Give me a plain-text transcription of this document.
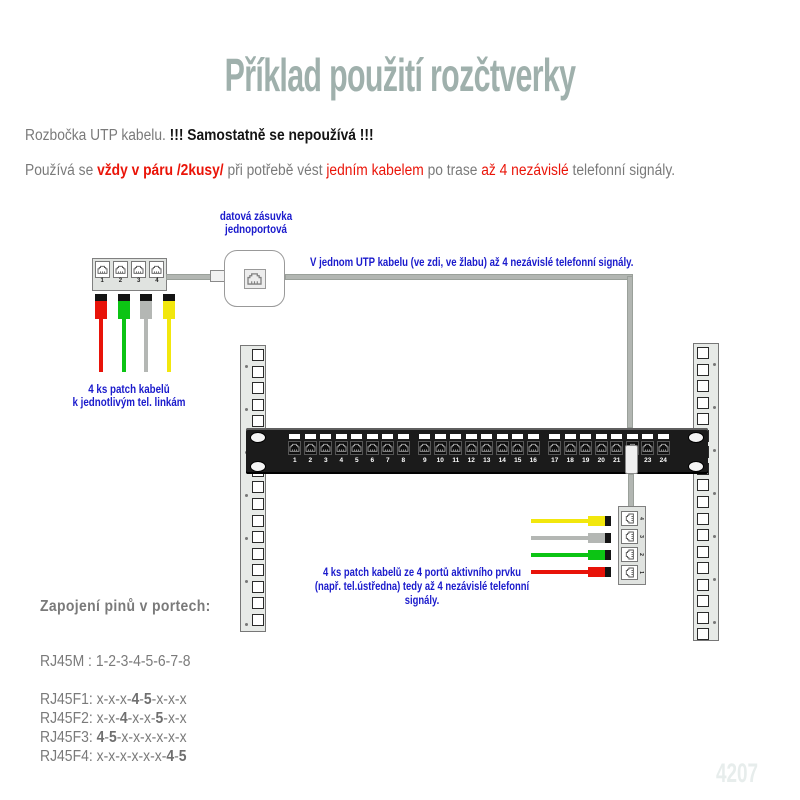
Příklad použití rozčtverky
Rozbočka UTP kabelu. !!! Samostatně se nepoužívá !!!
Používá se vždy v páru /2kusy/ při potřebě vést jedním kabelem po trase až 4 nezávislé telefonní signály.
1 2 3 4
datová zásuvka
jednoportová
V jednom UTP kabelu (ve zdi, ve žlabu) až 4 nezávislé telefonní signály.
4 ks patch kabelů
k jednotlivým tel. linkám
1 2 3 4 5 6 7 8	9 10 11 12 13 14 15 16 17 18 19 20 21	23 24
4
3
2
1
4 ks patch kabelů ze 4 portů aktivního prvku
(např. tel.ústředna) tedy až 4 nezávislé telefonní signály.
Zapojení pinů v portech:
RJ45M : 1-2-3-4-5-6-7-8
RJ45F1: x-x-x-4-5-x-x-x
RJ45F2: x-x-4-x-x-5-x-x
RJ45F3: 4-5-x-x-x-x-x-x
RJ45F4: x-x-x-x-x-x-4-5
4207
